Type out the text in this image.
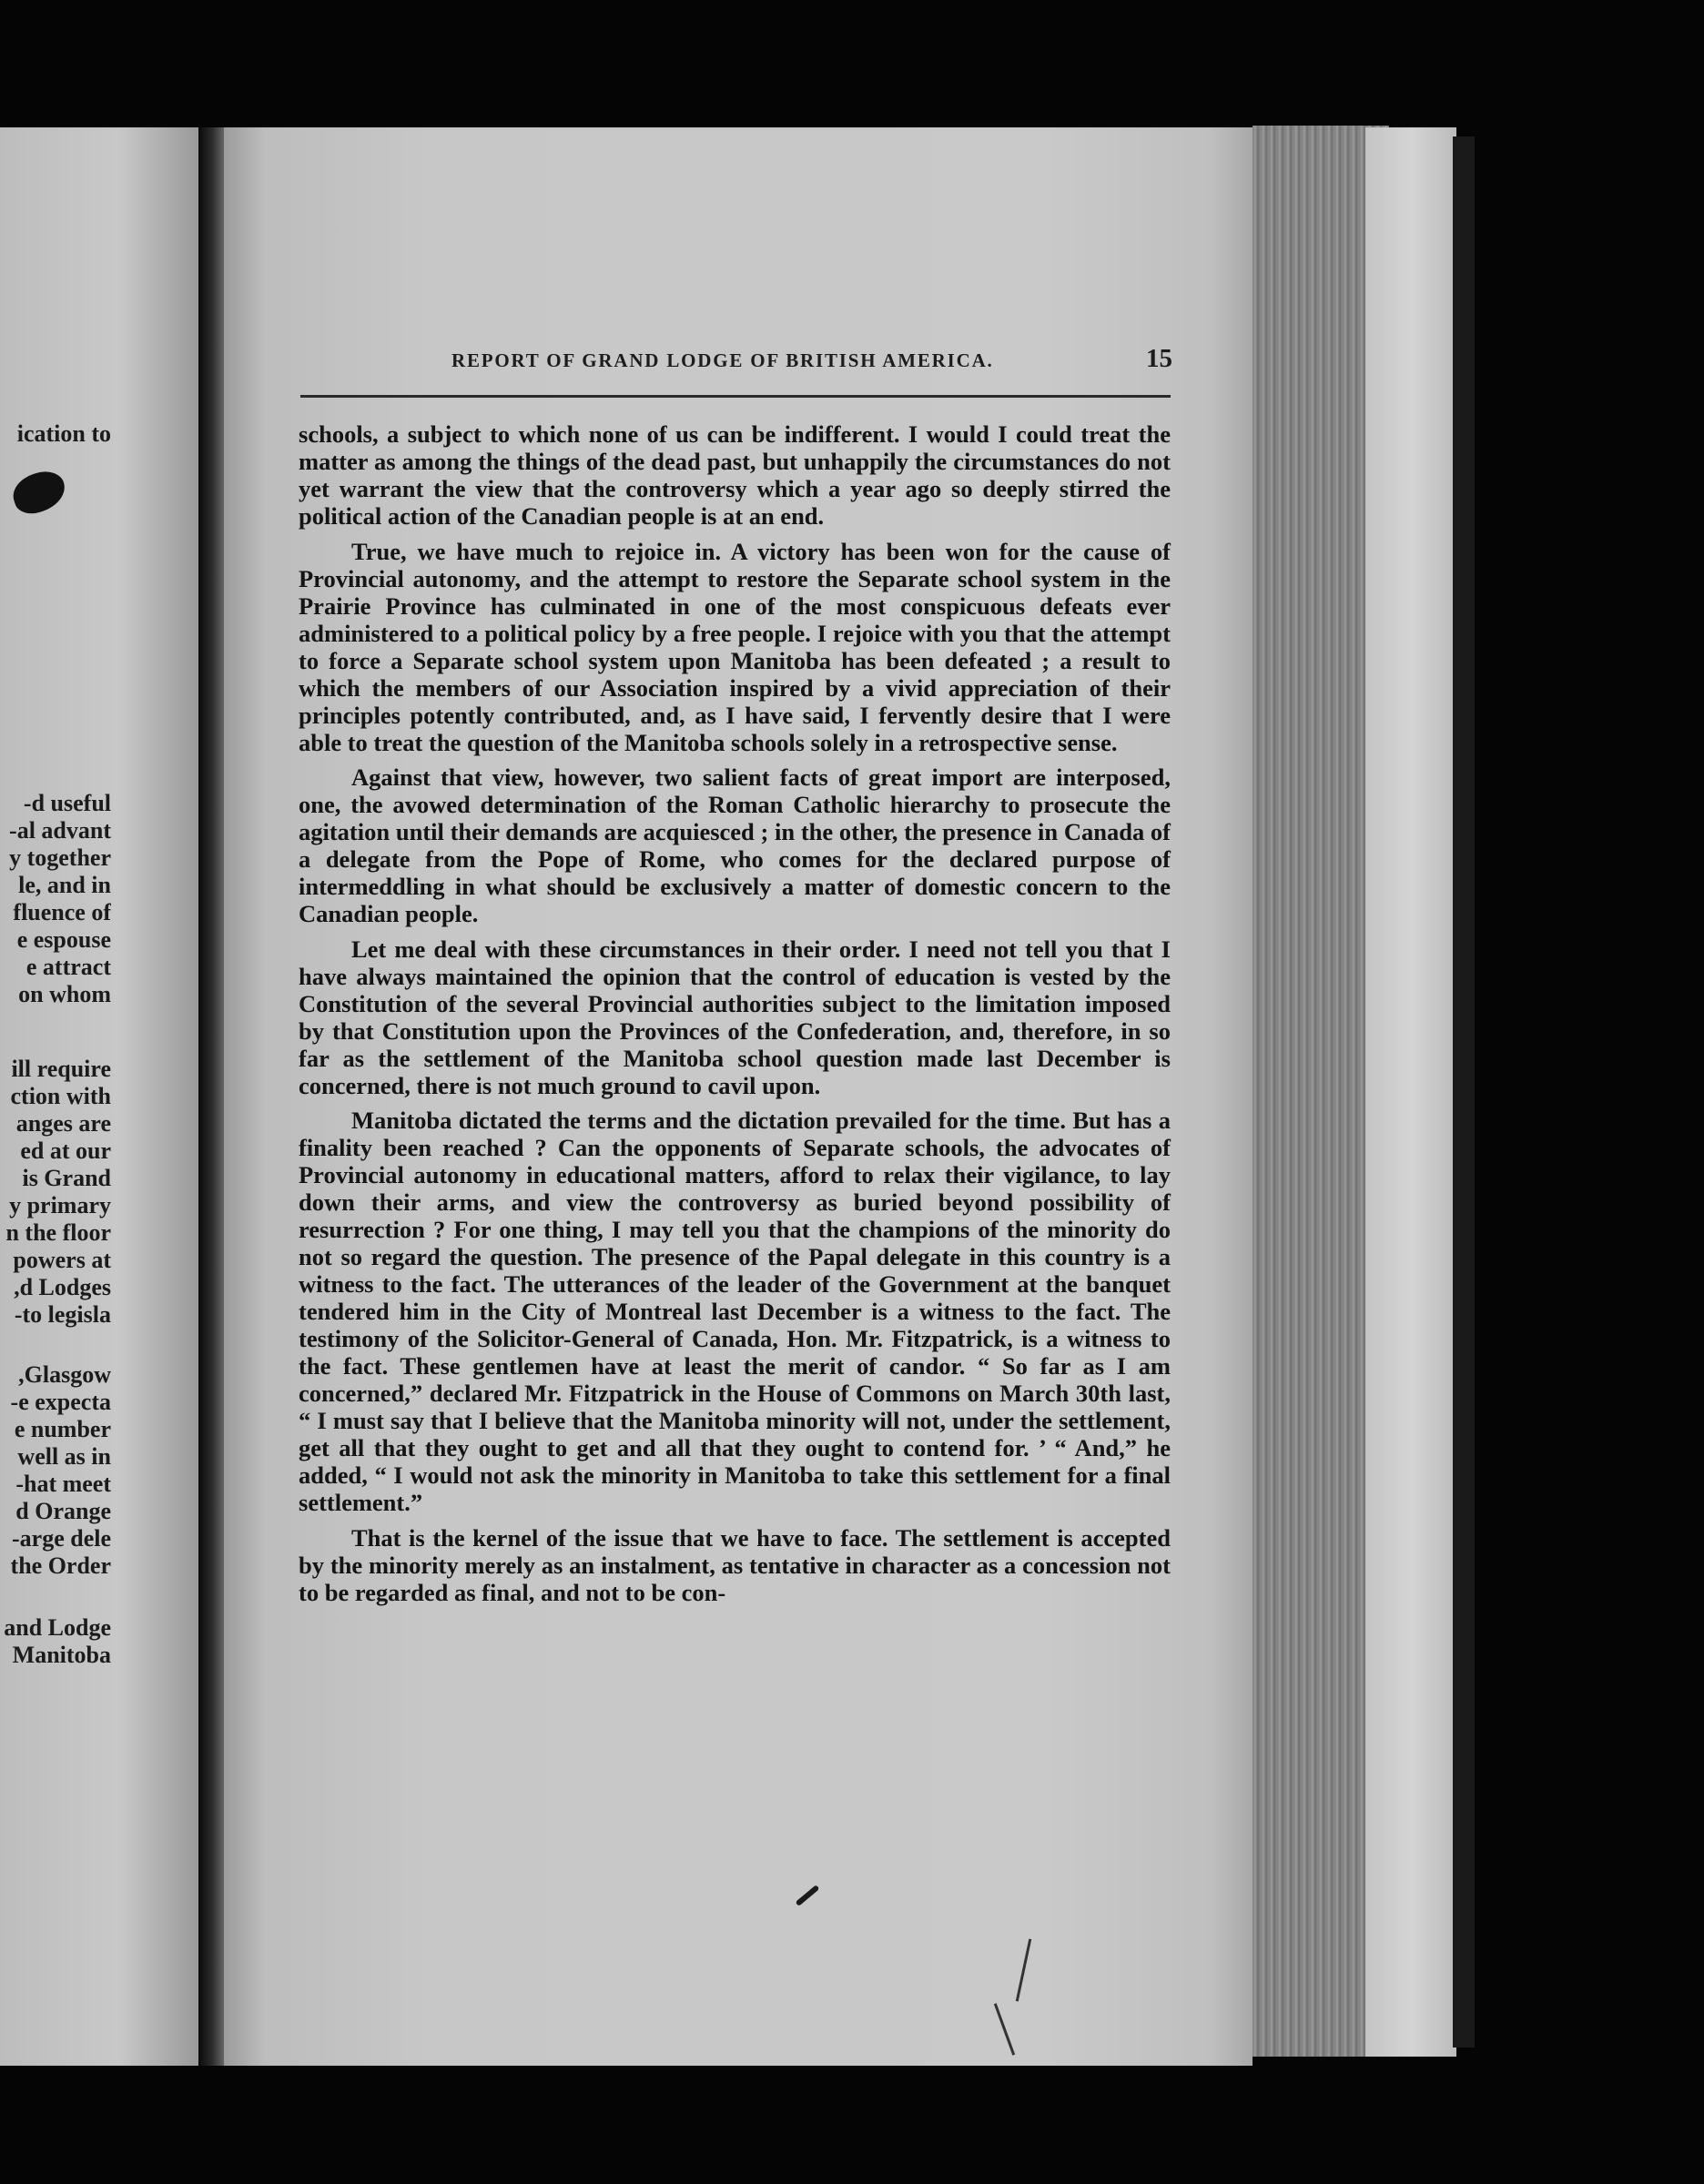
ication to
d useful-
al advant-
y together
le, and in
fluence of
e espouse
e attract
on whom
ill require
ction with
anges are
ed at our
is Grand
y primary
n the floor
powers at
d Lodges,
to legisla-
Glasgow,
e expecta-
e number
well as in
hat meet-
d Orange
arge dele-
the Order
and Lodge
Manitoba
REPORT OF GRAND LODGE OF BRITISH AMERICA.	15

schools, a subject to which none of us can be indifferent. I would I could treat the matter as among the things of the dead past, but unhappily the circumstances do not yet warrant the view that the controversy which a year ago so deeply stirred the political action of the Canadian people is at an end.

True, we have much to rejoice in. A victory has been won for the cause of Provincial autonomy, and the attempt to restore the Separate school system in the Prairie Province has culminated in one of the most conspicuous defeats ever administered to a political policy by a free people. I rejoice with you that the attempt to force a Separate school system upon Manitoba has been defeated ; a result to which the members of our Association inspired by a vivid appreciation of their principles potently contributed, and, as I have said, I fervently desire that I were able to treat the question of the Manitoba schools solely in a retrospective sense.

Against that view, however, two salient facts of great import are interposed, one, the avowed determination of the Roman Catholic hierarchy to prosecute the agitation until their demands are acquiesced ; in the other, the presence in Canada of a delegate from the Pope of Rome, who comes for the declared purpose of intermeddling in what should be exclusively a matter of domestic concern to the Canadian people.

Let me deal with these circumstances in their order. I need not tell you that I have always maintained the opinion that the control of education is vested by the Constitution of the several Provincial authorities subject to the limitation imposed by that Constitution upon the Provinces of the Confederation, and, therefore, in so far as the settlement of the Manitoba school question made last December is concerned, there is not much ground to cavil upon.

Manitoba dictated the terms and the dictation prevailed for the time. But has a finality been reached ? Can the opponents of Separate schools, the advocates of Provincial autonomy in educational matters, afford to relax their vigilance, to lay down their arms, and view the controversy as buried beyond possibility of resurrection ? For one thing, I may tell you that the champions of the minority do not so regard the question. The presence of the Papal delegate in this country is a witness to the fact. The utterances of the leader of the Government at the banquet tendered him in the City of Montreal last December is a witness to the fact. The testimony of the Solicitor-General of Canada, Hon. Mr. Fitzpatrick, is a witness to the fact. These gentlemen have at least the merit of candor. “ So far as I am concerned,” declared Mr. Fitzpatrick in the House of Commons on March 30th last, “ I must say that I believe that the Manitoba minority will not, under the settlement, get all that they ought to get and all that they ought to contend for. ’ “ And,” he added, “ I would not ask the minority in Manitoba to take this settlement for a final settlement.”

That is the kernel of the issue that we have to face. The settlement is accepted by the minority merely as an instalment, as tentative in character as a concession not to be regarded as final, and not to be con-
